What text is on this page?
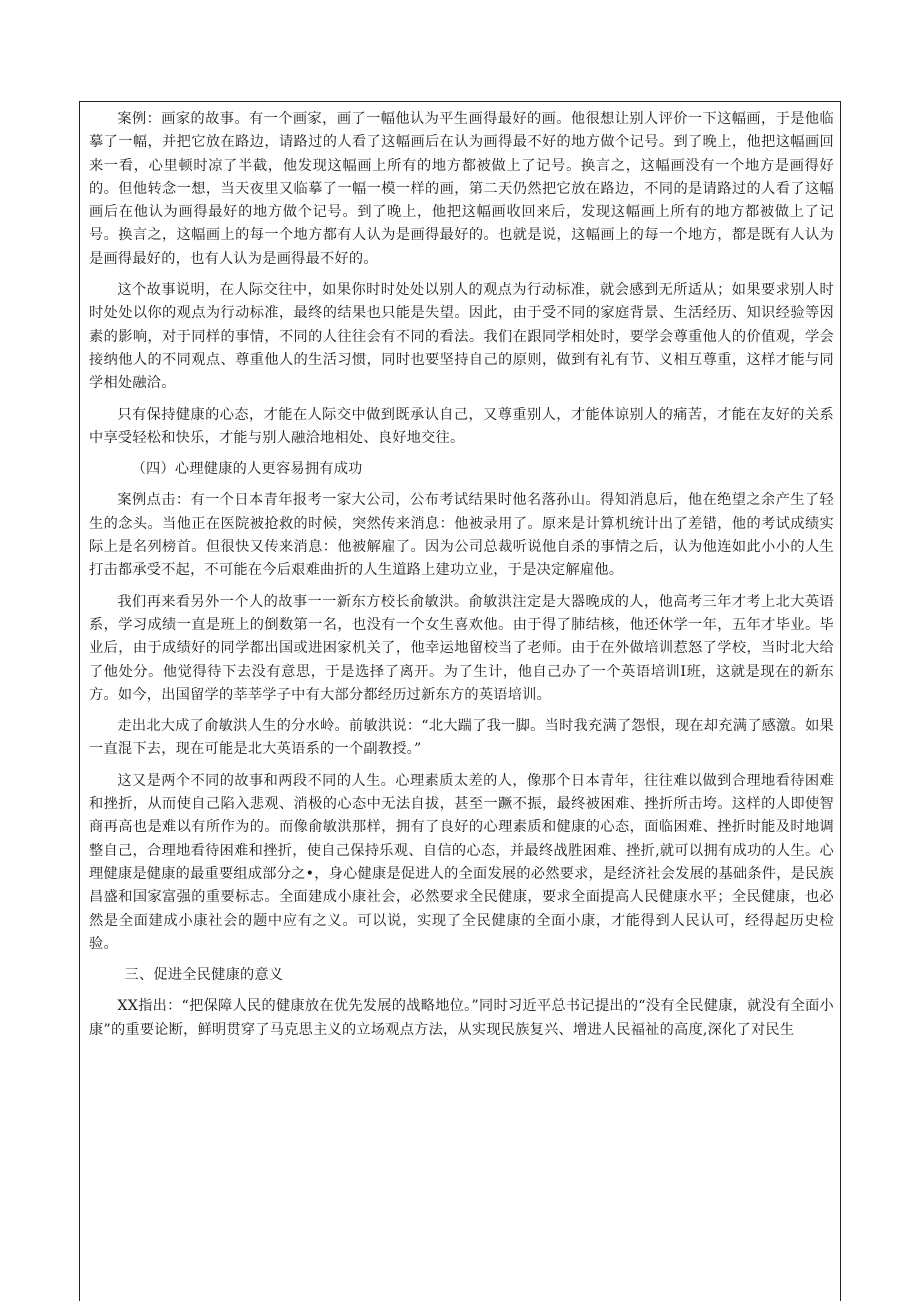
案例：画家的故事。有一个画家，画了一幅他认为平生画得最好的画。他很想让别人评价一下这幅画，于是他临摹了一幅，并把它放在路边，请路过的人看了这幅画后在认为画得最不好的地方做个记号。到了晚上，他把这幅画回来一看，心里顿时凉了半截，他发现这幅画上所有的地方都被做上了记号。换言之，这幅画没有一个地方是画得好的。但他转念一想，当天夜里又临摹了一幅一模一样的画，第二天仍然把它放在路边，不同的是请路过的人看了这幅画后在他认为画得最好的地方做个记号。到了晚上，他把这幅画收回来后，发现这幅画上所有的地方都被做上了记号。换言之，这幅画上的每一个地方都有人认为是画得最好的。也就是说，这幅画上的每一个地方，都是既有人认为是画得最好的，也有人认为是画得最不好的。

这个故事说明，在人际交往中，如果你时时处处以别人的观点为行动标准，就会感到无所适从；如果要求别人时时处处以你的观点为行动标准，最终的结果也只能是失望。因此，由于受不同的家庭背景、生活经历、知识经验等因素的影响，对于同样的事情，不同的人往往会有不同的看法。我们在跟同学相处时，要学会尊重他人的价值观，学会接纳他人的不同观点、尊重他人的生活习惯，同时也要坚持自己的原则，做到有礼有节、义相互尊重，这样才能与同学相处融洽。

只有保持健康的心态，才能在人际交中做到既承认自己，又尊重别人，才能体谅别人的痛苦，才能在友好的关系中享受轻松和快乐，才能与别人融洽地相处、良好地交往。

（四）心理健康的人更容易拥有成功

案例点击：有一个日本青年报考一家大公司，公布考试结果时他名落孙山。得知消息后，他在绝望之余产生了轻生的念头。当他正在医院被抢救的时候，突然传来消息：他被录用了。原来是计算机统计出了差错，他的考试成绩实际上是名列榜首。但很快又传来消息：他被解雇了。因为公司总裁听说他自杀的事情之后，认为他连如此小小的人生打击都承受不起，不可能在今后艰难曲折的人生道路上建功立业，于是决定解雇他。

我们再来看另外一个人的故事一一新东方校长俞敏洪。俞敏洪注定是大器晚成的人，他高考三年才考上北大英语系，学习成绩一直是班上的倒数第一名，也没有一个女生喜欢他。由于得了肺结核，他还休学一年，五年才毕业。毕业后，由于成绩好的同学都出国或进困家机关了，他幸运地留校当了老师。由于在外做培训惹怒了学校，当时北大给了他处分。他觉得待下去没有意思，于是选择了离开。为了生计，他自己办了一个英语培训I班，这就是现在的新东方。如今，出国留学的莘莘学子中有大部分都经历过新东方的英语培训。

走出北大成了俞敏洪人生的分水岭。前敏洪说：“北大踹了我一脚。当时我充满了怨恨，现在却充满了感激。如果一直混下去，现在可能是北大英语系的一个副教授。”

这又是两个不同的故事和两段不同的人生。心理素质太差的人，像那个日本青年，往往难以做到合理地看待困难和挫折，从而使自己陷入悲观、消极的心态中无法自拔，甚至一蹶不振，最终被困难、挫折所击垮。这样的人即使智商再高也是难以有所作为的。而像俞敏洪那样，拥有了良好的心理素质和健康的心态，面临困难、挫折时能及时地调整自己，合理地看待困难和挫折，使自己保持乐观、自信的心态，并最终战胜困难、挫折,就可以拥有成功的人生。心理健康是健康的最重要组成部分之•，身心健康是促进人的全面发展的必然要求，是经济社会发展的基础条件，是民族昌盛和国家富强的重要标志。全面建成小康社会，必然要求全民健康，要求全面提高人民健康水平；全民健康，也必然是全面建成小康社会的题中应有之义。可以说，实现了全民健康的全面小康，才能得到人民认可，经得起历史检验。

三、促进全民健康的意义

XX指出：“把保障人民的健康放在优先发展的战略地位。”同时习近平总书记提出的“没有全民健康，就没有全面小康”的重要论断，鲜明贯穿了马克思主义的立场观点方法，从实现民族复兴、增进人民福祉的高度,深化了对民生
